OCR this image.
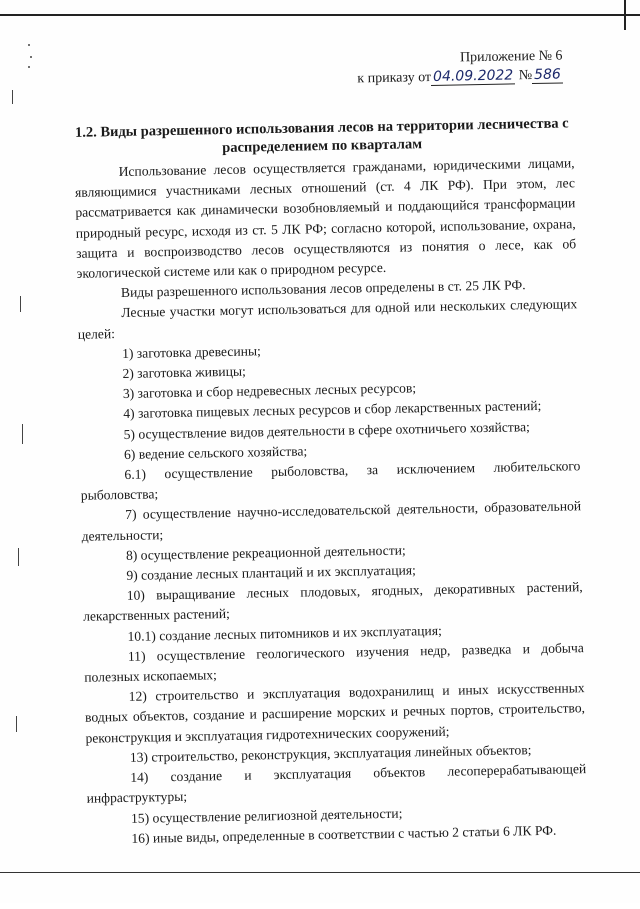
Приложение № 6
к приказу от 04.09.2022 № 586
1.2. Виды разрешенного использования лесов на территории лесничества с распределением по кварталам

Использование лесов осуществляется гражданами, юридическими лицами, являющимися участниками лесных отношений (ст. 4 ЛК РФ). При этом, лес рассматривается как динамически возобновляемый и поддающийся трансформации природный ресурс, исходя из ст. 5 ЛК РФ; согласно которой, использование, охрана, защита и воспроизводство лесов осуществляются из понятия о лесе, как об экологической системе или как о природном ресурсе.

Виды разрешенного использования лесов определены в ст. 25 ЛК РФ.

Лесные участки могут использоваться для одной или нескольких следующих целей:

1) заготовка древесины;
2) заготовка живицы;
3) заготовка и сбор недревесных лесных ресурсов;
4) заготовка пищевых лесных ресурсов и сбор лекарственных растений;
5) осуществление видов деятельности в сфере охотничьего хозяйства;
6) ведение сельского хозяйства;
6.1) осуществление рыболовства, за исключением любительского рыболовства;
7) осуществление научно-исследовательской деятельности, образовательной деятельности;
8) осуществление рекреационной деятельности;
9) создание лесных плантаций и их эксплуатация;
10) выращивание лесных плодовых, ягодных, декоративных растений, лекарственных растений;
10.1) создание лесных питомников и их эксплуатация;
11) осуществление геологического изучения недр, разведка и добыча полезных ископаемых;
12) строительство и эксплуатация водохранилищ и иных искусственных водных объектов, создание и расширение морских и речных портов, строительство, реконструкция и эксплуатация гидротехнических сооружений;
13) строительство, реконструкция, эксплуатация линейных объектов;
14) создание и эксплуатация объектов лесоперерабатывающей инфраструктуры;
15) осуществление религиозной деятельности;
16) иные виды, определенные в соответствии с частью 2 статьи 6 ЛК РФ.
